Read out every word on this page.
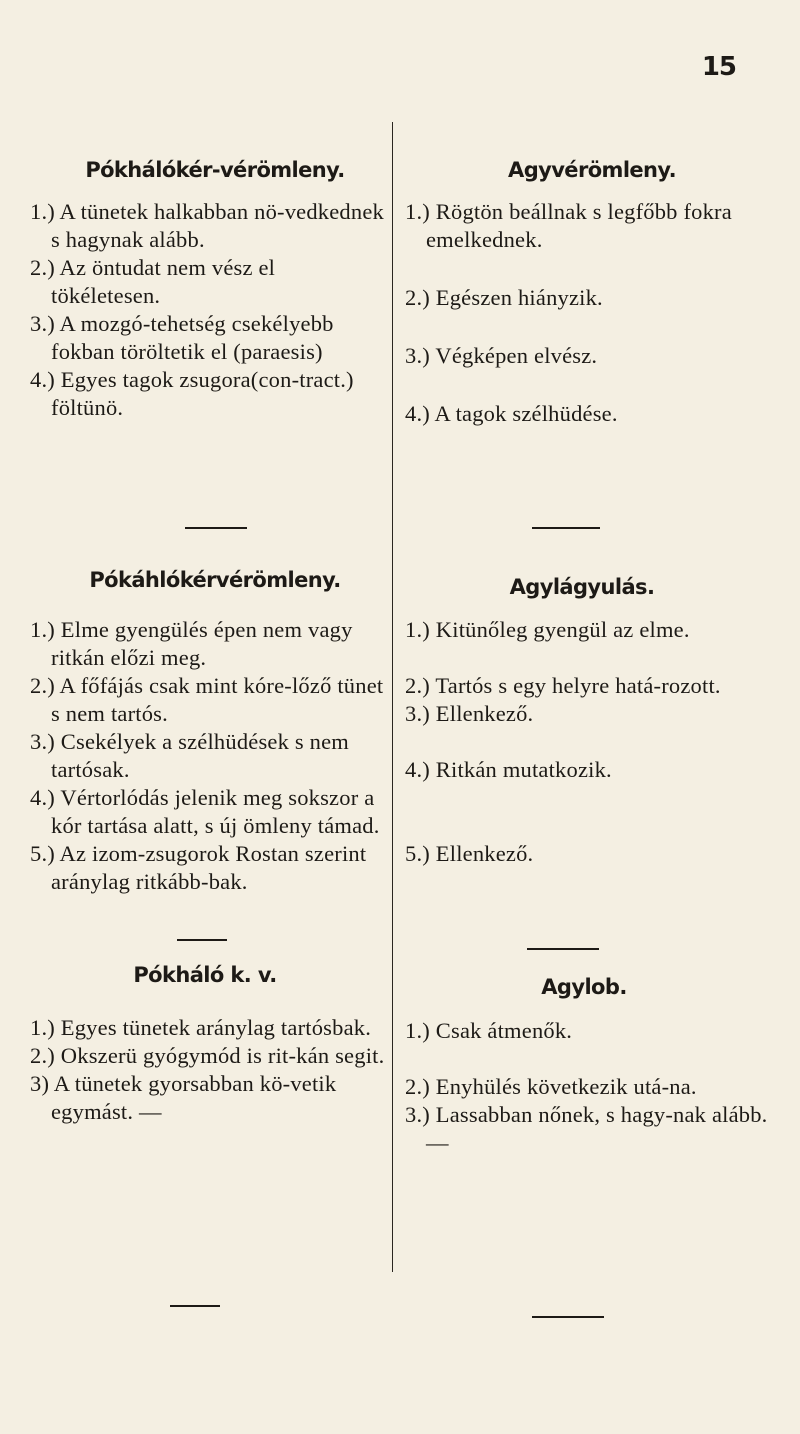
15
Pókhálókér-vérömleny.
1.) A tünetek halkabban nö-vedkednek s hagynak alább.
2.) Az öntudat nem vész el tökéletesen.
3.) A mozgó-tehetség csekélyebb fokban töröltetik el (paraesis)
4.) Egyes tagok zsugora(con-tract.) föltünö.
Agyvérömleny.
1.) Rögtön beállnak s legfőbb fokra emelkednek.
2.) Egészen hiányzik.
3.) Végképen elvész.
4.) A tagok szélhüdése.
Pókáhlókérvérömleny.
1.) Elme gyengülés épen nem vagy ritkán előzi meg.
2.) A főfájás csak mint kóre-lőző tünet s nem tartós.
3.) Csekélyek a szélhüdések s nem tartósak.
4.) Vértorlódás jelenik meg sokszor a kór tartása alatt, s új ömleny támad.
5.) Az izom-zsugorok Rostan szerint aránylag ritkább-bak.
Agylágyulás.
1.) Kitünőleg gyengül az elme.
2.) Tartós s egy helyre hatá-rozott.
3.) Ellenkező.
4.) Ritkán mutatkozik.
5.) Ellenkező.
Pókháló k. v.
1.) Egyes tünetek aránylag tartósbak.
2.) Okszerü gyógymód is rit-kán segit.
3) A tünetek gyorsabban kö-vetik egymást. —
Agylob.
1.) Csak átmenők.
2.) Enyhülés következik utá-na.
3.) Lassabban nőnek, s hagy-nak alább. —
